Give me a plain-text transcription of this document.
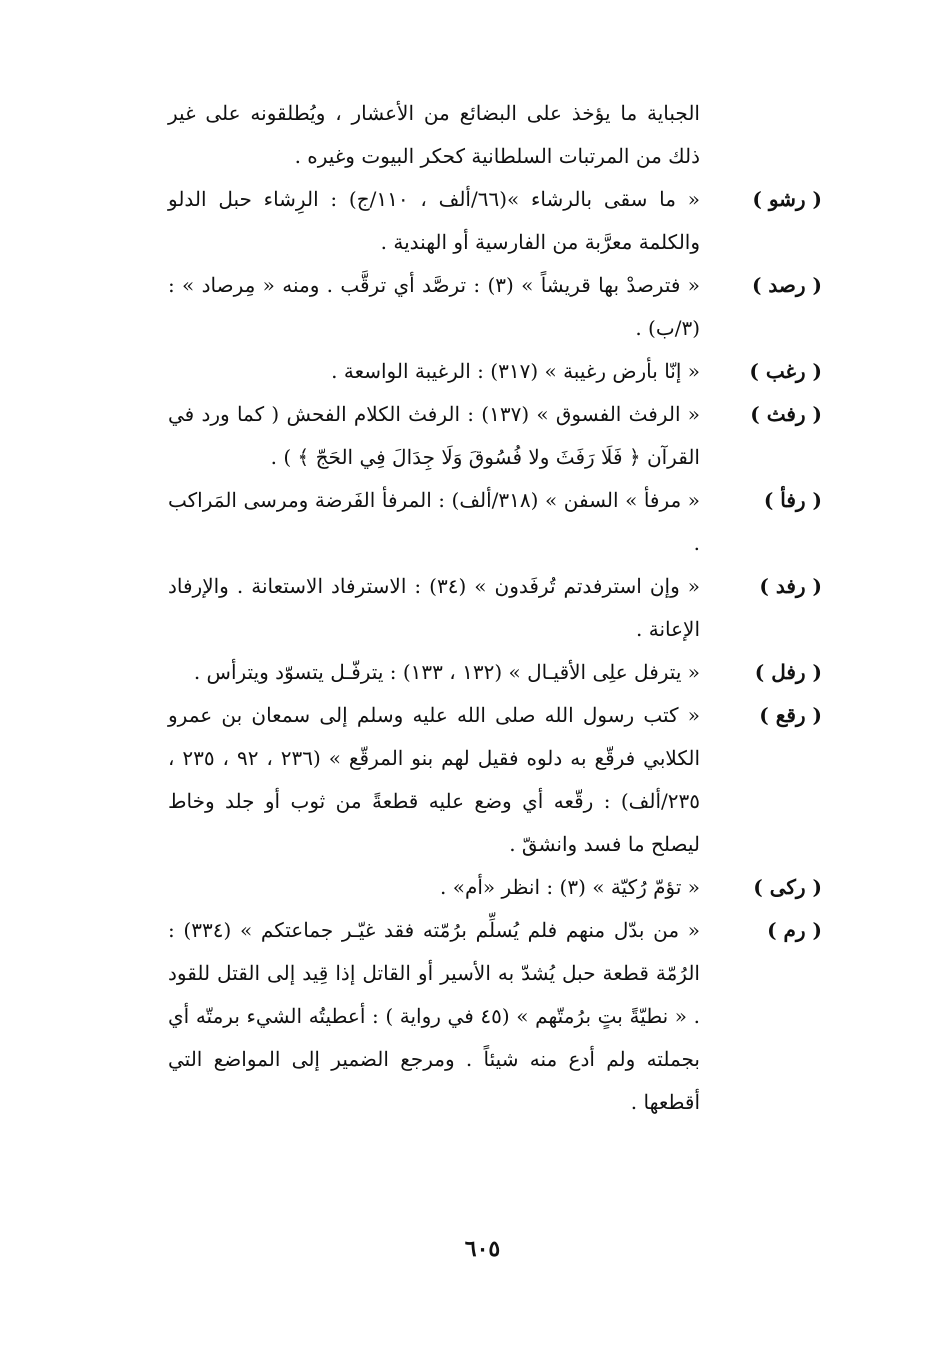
الجباية ما يؤخذ على البضائع من الأعشار ، ويُطلقونه على غير ذلك من المرتبات السلطانية كحكر البيوت وغيره .
( رشو )
« ما سقى بالرشاء »(٦٦/ألف ، ١١٠/ج) : الرِشاء حبل الدلو والكلمة معرَّبة من الفارسية أو الهندية .
( رصد )
« فترصدْ بها قريشاً » (٣) : ترصَّد أي ترقَّب . ومنه « مِرصاد » : (٣/ب) .
( رغب )
« إنّا بأرض رغيبة » (٣١٧) : الرغيبة الواسعة .
( رفث )
« الرفث الفسوق » (١٣٧) : الرفث الكلام الفحش ( كما ورد في القرآن ﴿ فَلَا رَفَثَ ولا فُسُوقَ وَلَا جِدَالَ فِي الحَجّ ﴾ ) .
( رفأ )
« مرفأ » السفن » (٣١٨/ألف) : المرفأ الفَرضة ومرسى المَراكب .
( رفد )
« وإن استرفدتم تُرفَدون » (٣٤) : الاسترفاد الاستعانة . والإرفاد الإعانة .
( رفل )
« يترفل علِى الأقيـال » (١٣٢ ، ١٣٣) : يترفّـل يتسوّد ويترأس .
( رقع )
« كتب رسول الله صلى الله عليه وسلم إلى سمعان بن عمرو الكلابي فرقّع به دلوه فقيل لهم بنو المرقّع » (٢٣٦ ، ٩٢ ، ٢٣٥ ، ٢٣٥/ألف) : رقّعه أي وضع عليه قطعةً من ثوب أو جلد وخاط ليصلح ما فسد وانشقّ .
( ركى )
« تؤمّ رُكيّة » (٣) : انظر «أم» .
( رم )
« من بدّل منهم فلم يُسلِّم برُمّته فقد غيّـر جماعتكم » (٣٣٤) : الرُمّة قطعة حبل يُشدّ به الأسير أو القاتل إذا قِيد إلى القتل للقود . « نطيّةً بتٍ برُمتّهم » (٤٥ في رواية ) : أعطيتُه الشيء برمتّه أي بجملته ولم أدع منه شيئاً . ومرجع الضمير إلى المواضع التي أقطعها .
٦٠٥
